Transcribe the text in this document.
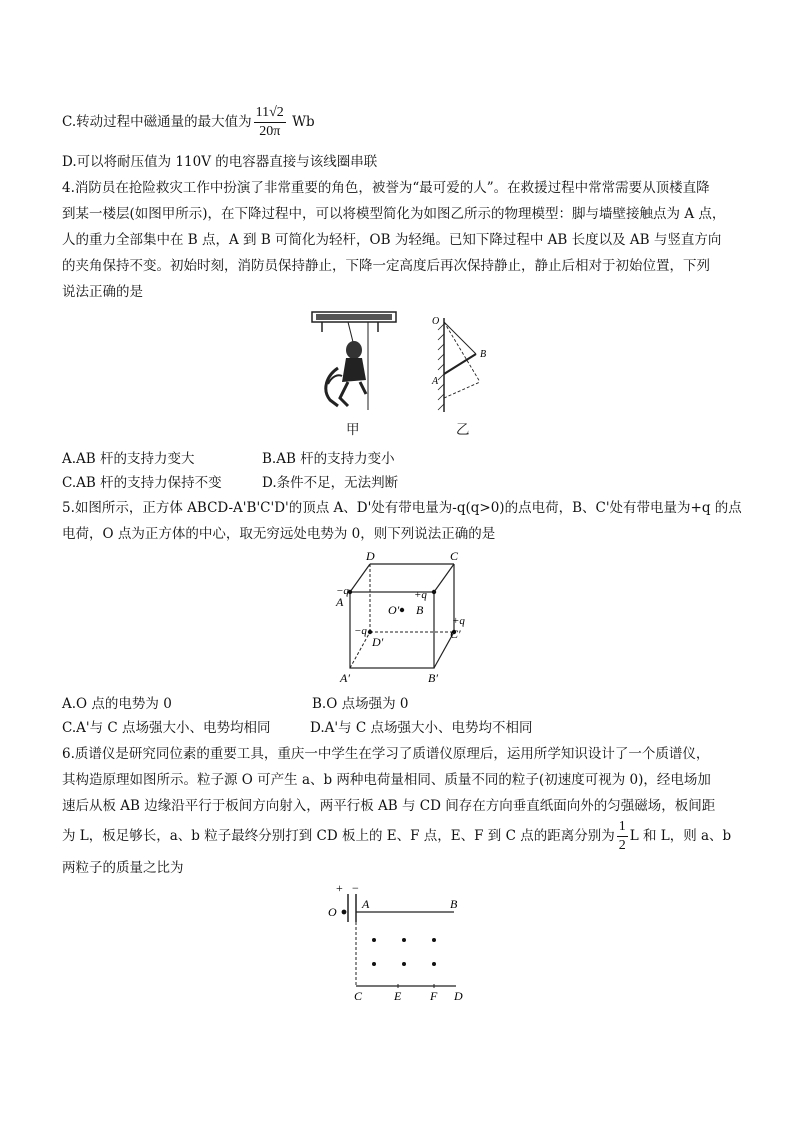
C.转动过程中磁通量的最大值为 $\frac{11√2}{20\pi}$ Wb
D.可以将耐压值为 110V 的电容器直接与该线圈串联
4.消防员在抢险救灾工作中扮演了非常重要的角色，被誉为“最可爱的人”。在救援过程中常常需要从顶楼直降
到某一楼层(如图甲所示)，在下降过程中，可以将模型简化为如图乙所示的物理模型：脚与墙壁接触点为 A 点，
人的重力全部集中在 B 点，A 到 B 可简化为轻杆，OB 为轻绳。已知下降过程中 AB 长度以及 AB 与竖直方向
的夹角保持不变。初始时刻，消防员保持静止，下降一定高度后再次保持静止，静止后相对于初始位置，下列
说法正确的是
甲
O
A
B
乙
A.AB 杆的支持力变大	B.AB 杆的支持力变小
C.AB 杆的支持力保持不变	D.条件不足，无法判断
5.如图所示，正方体 ABCD-A'B'C'D'的顶点 A、D'处有带电量为-q(q>0)的点电荷，B、C'处有带电量为+q 的点
电荷，O 点为正方体的中心，取无穷远处电势为 0，则下列说法正确的是
D	C
A
B
D′
C′
A′	B′
O′
−q
−q
+q
+q
A.O 点的电势为 0	B.O 点场强为 0
C.A'与 C 点场强大小、电势均相同	D.A'与 C 点场强大小、电势均不相同
6.质谱仪是研究同位素的重要工具，重庆一中学生在学习了质谱仪原理后，运用所学知识设计了一个质谱仪，
其构造原理如图所示。粒子源 O 可产生 a、b 两种电荷量相同、质量不同的粒子(初速度可视为 0)，经电场加
速后从板 AB 边缘沿平行于板间方向射入，两平行板 AB 与 CD 间存在方向垂直纸面向外的匀强磁场，板间距
为 L，板足够长，a、b 粒子最终分别打到 CD 板上的 E、F 点，E、F 到 C 点的距离分别为 $\frac{1}{2}$ L 和 L，则 a、b
两粒子的质量之比为
+ −
O
A	B
C	E F D
